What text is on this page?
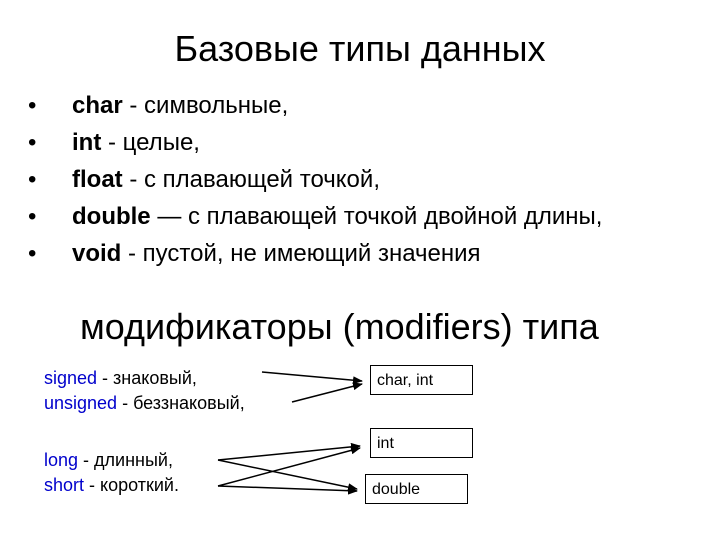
Базовые типы данных
• char - символьные,
• int - целые,
• float - с плавающей точкой,
• double — с плавающей точкой двойной длины,
• void - пустой, не имеющий значения
модификаторы (modifiers) типа
signed - знаковый,
unsigned - беззнаковый,
long - длинный,
short - короткий.
char, int
int
double
